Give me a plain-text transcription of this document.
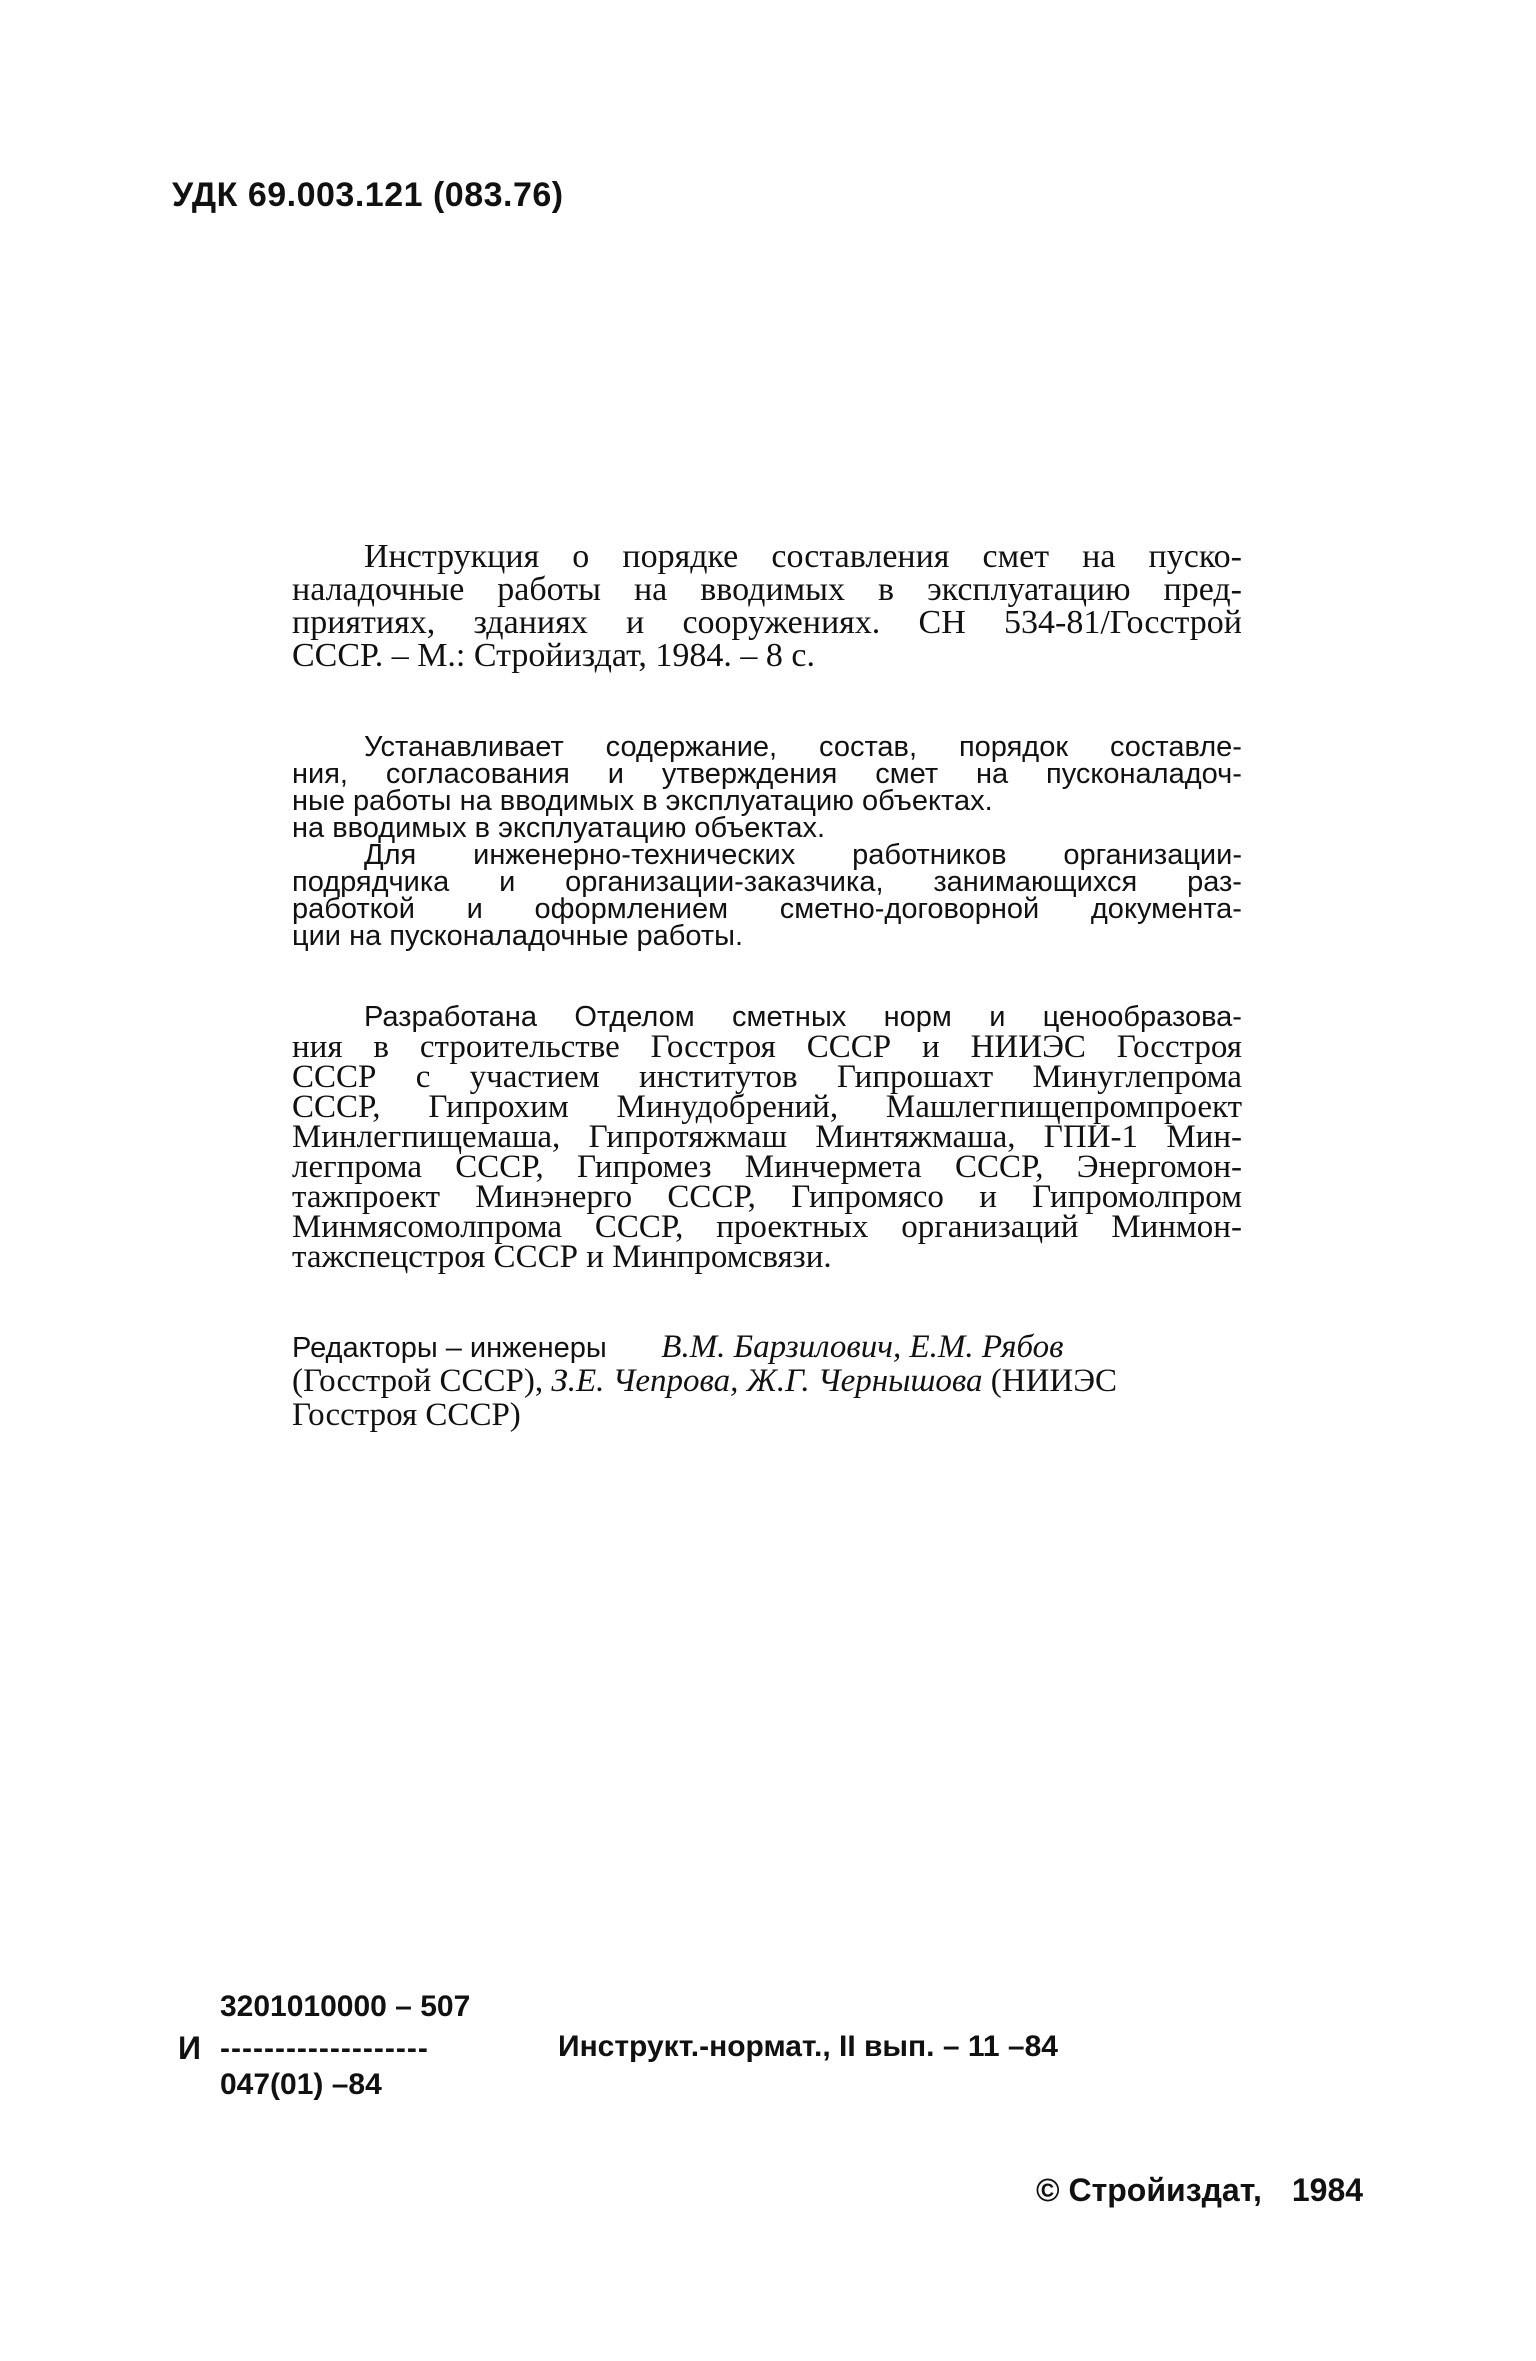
УДК 69.003.121 (083.76)
Инструкция о порядке составления смет на пуско-
наладочные работы на вводимых в эксплуатацию пред-
приятиях, зданиях и сооружениях. СН 534-81/Госстрой
СССР. – М.: Стройиздат, 1984. – 8 с.
Устанавливает содержание, состав, порядок составле-
ния, согласования и утверждения смет на пусконаладоч-
ные работы на вводимых в эксплуатацию объектах.
на вводимых в эксплуатацию объектах.
Для инженерно-технических работников организации-
подрядчика и организации-заказчика, занимающихся раз-
работкой и оформлением сметно-договорной документа-
ции на пусконаладочные работы.
Разработана Отделом сметных норм и ценообразова-
ния в строительстве Госстроя СССР и НИИЭС Госстроя
СССР с участием институтов Гипрошахт Минуглепрома
СССР, Гипрохим Минудобрений, Машлегпищепромпроект
Минлегпищемаша, Гипротяжмаш Минтяжмаша, ГПИ-1 Мин-
легпрома СССР, Гипромез Минчермета СССР, Энергомон-
тажпроект Минэнерго СССР, Гипромясо и Гипромолпром
Минмясомолпрома СССР, проектных организаций Минмон-
тажспецстроя СССР и Минпромсвязи.
Редакторы – инженеры В.М. Барзилович, Е.М. Рябов
(Госстрой СССР), З.Е. Чепрова, Ж.Г. Чернышова (НИИЭС
Госстроя СССР)
И
3201010000 – 507
-------------------
047(01) –84
Инструкт.-нормат., II вып. – 11 –84
© Стройиздат, 1984
